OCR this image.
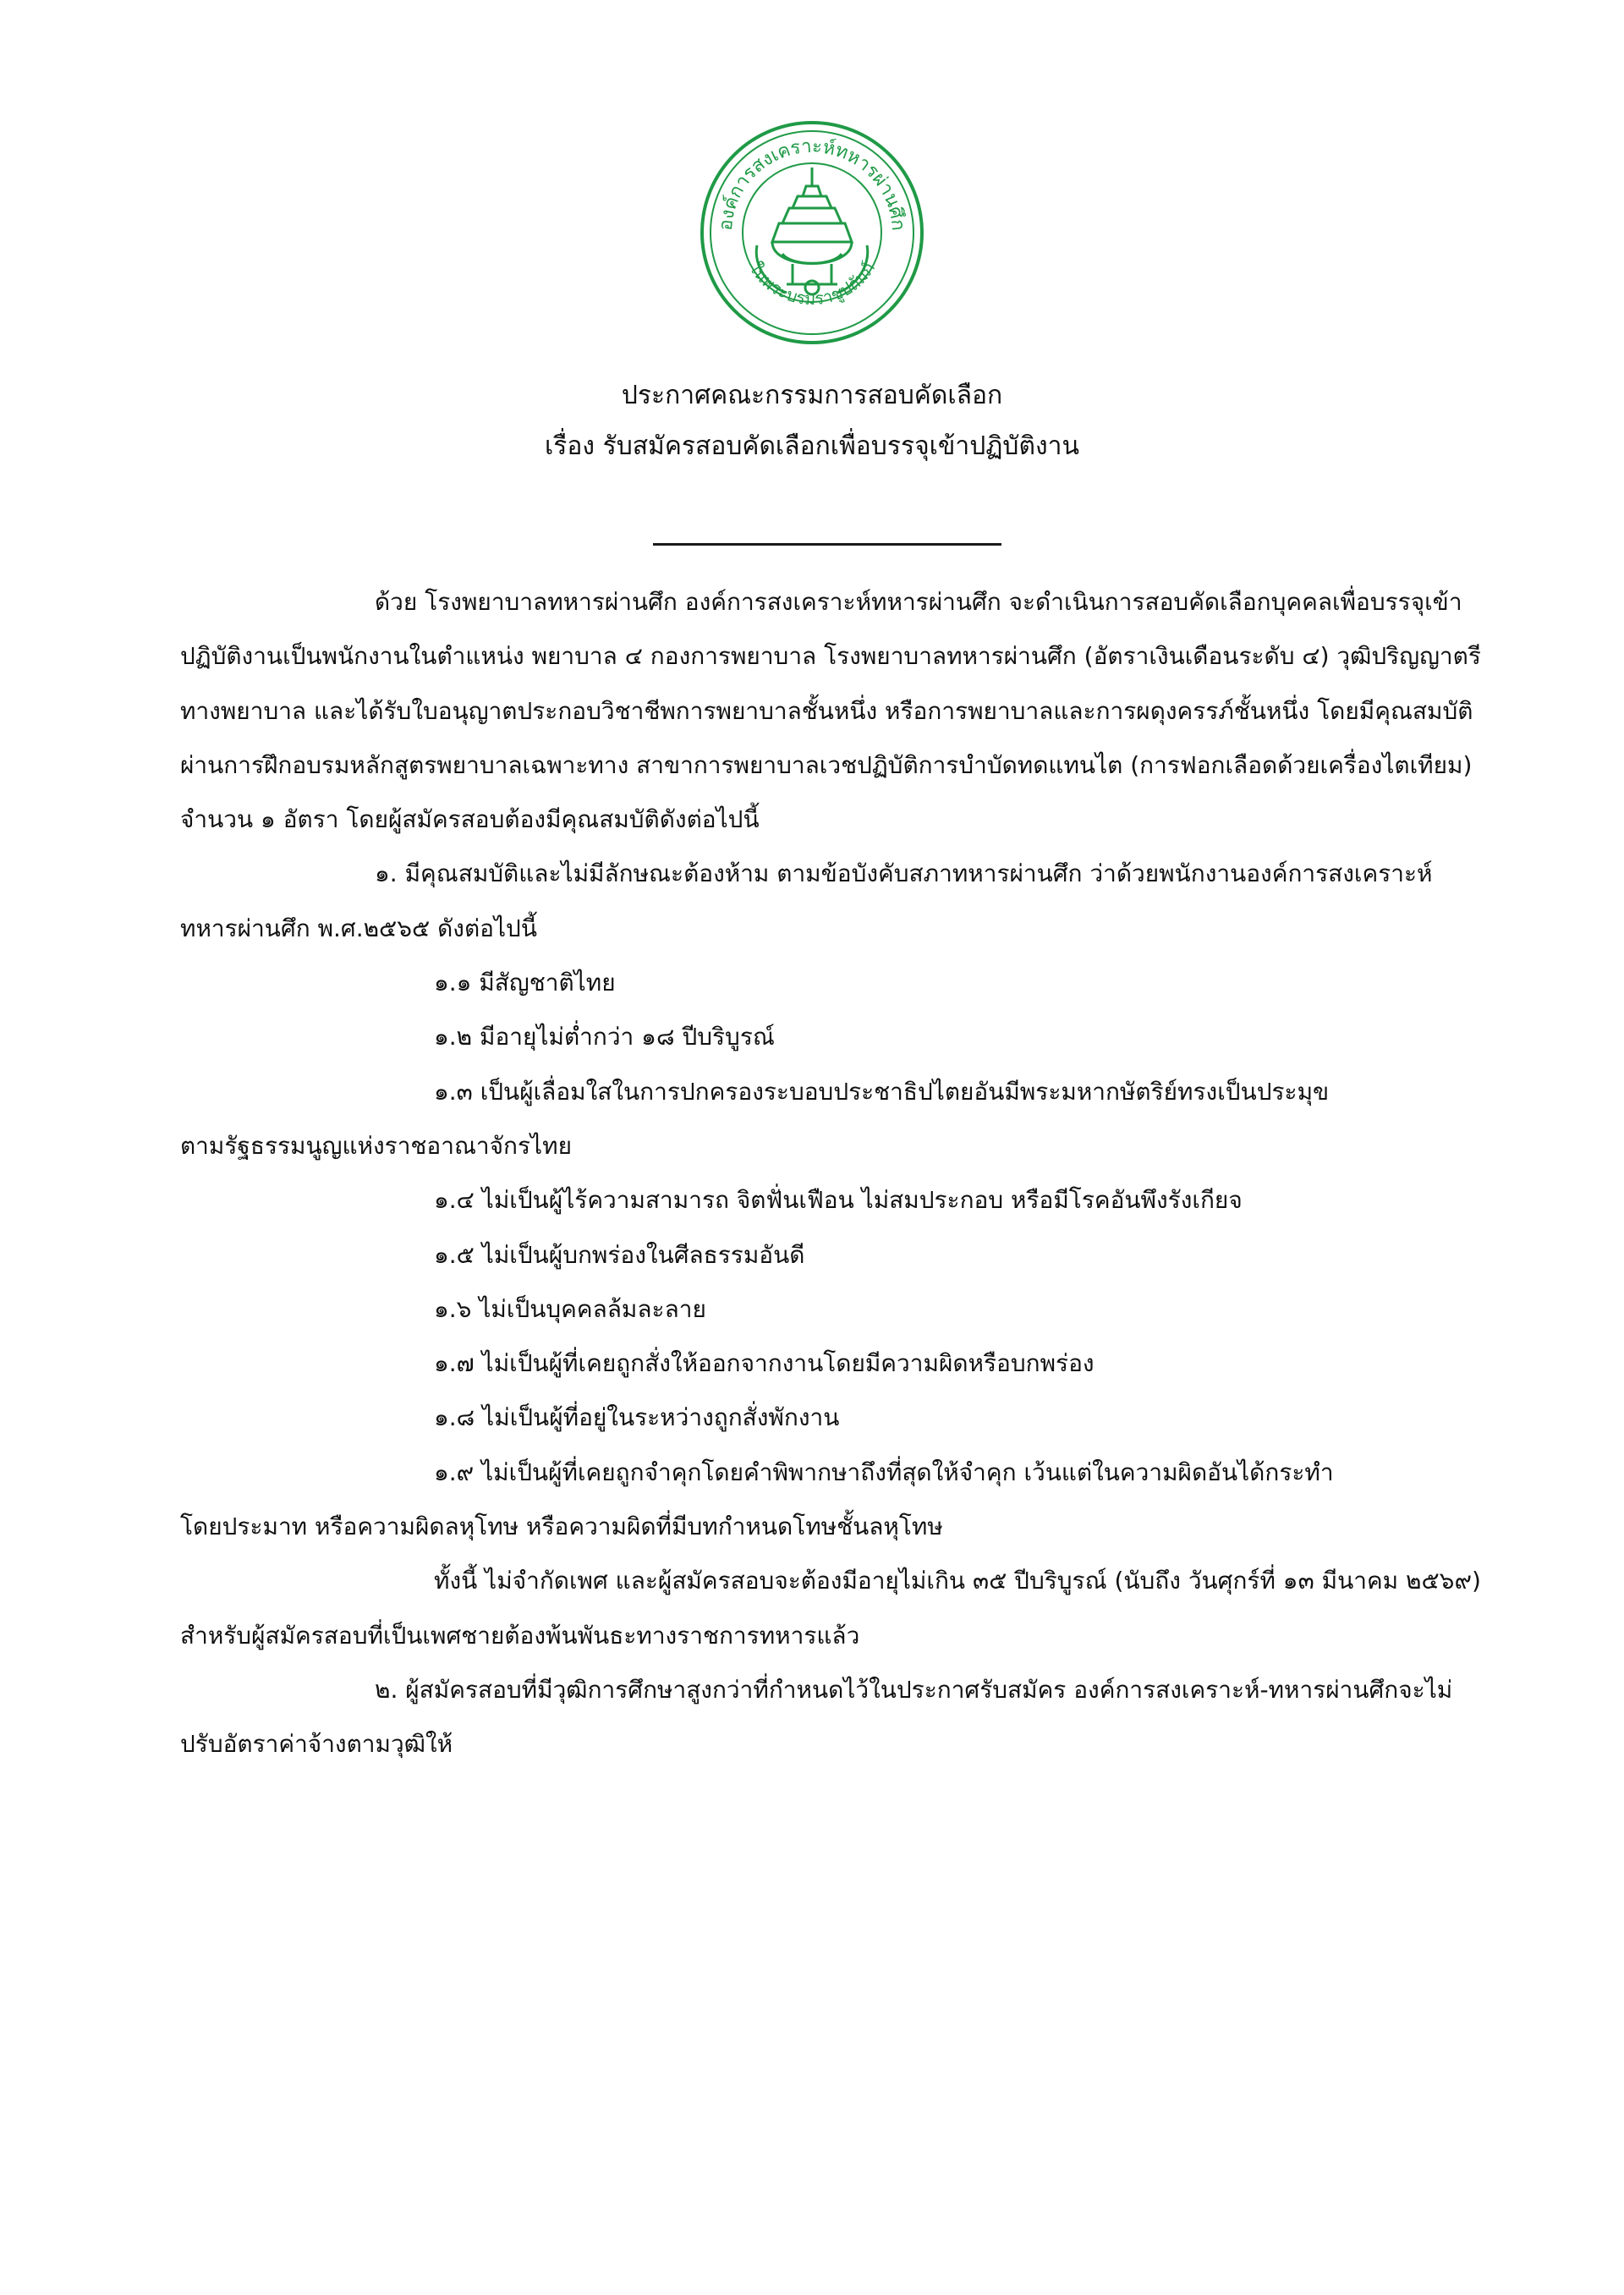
องค์การสงเคราะห์ทหารผ่านศึก
ในพระบรมราชูปถัมภ์
ประกาศคณะกรรมการสอบคัดเลือก
เรื่อง รับสมัครสอบคัดเลือกเพื่อบรรจุเข้าปฏิบัติงาน

ด้วย โรงพยาบาลทหารผ่านศึก องค์การสงเคราะห์ทหารผ่านศึก จะดำเนินการสอบคัดเลือกบุคคลเพื่อบรรจุเข้าปฏิบัติงานเป็นพนักงานในตำแหน่ง พยาบาล ๔ กองการพยาบาล โรงพยาบาลทหารผ่านศึก (อัตราเงินเดือนระดับ ๔) วุฒิปริญญาตรีทางพยาบาล และได้รับใบอนุญาตประกอบวิชาชีพการพยาบาลชั้นหนึ่ง หรือการพยาบาลและการผดุงครรภ์ชั้นหนึ่ง โดยมีคุณสมบัติผ่านการฝึกอบรมหลักสูตรพยาบาลเฉพาะทาง สาขาการพยาบาลเวชปฏิบัติการบำบัดทดแทนไต (การฟอกเลือดด้วยเครื่องไตเทียม) จำนวน ๑ อัตรา โดยผู้สมัครสอบต้องมีคุณสมบัติดังต่อไปนี้

๑. มีคุณสมบัติและไม่มีลักษณะต้องห้าม ตามข้อบังคับสภาทหารผ่านศึก ว่าด้วยพนักงานองค์การสงเคราะห์ทหารผ่านศึก พ.ศ.๒๕๖๕ ดังต่อไปนี้

๑.๑ มีสัญชาติไทย

๑.๒ มีอายุไม่ต่ำกว่า ๑๘ ปีบริบูรณ์

๑.๓ เป็นผู้เลื่อมใสในการปกครองระบอบประชาธิปไตยอันมีพระมหากษัตริย์ทรงเป็นประมุข

ตามรัฐธรรมนูญแห่งราชอาณาจักรไทย

๑.๔ ไม่เป็นผู้ไร้ความสามารถ จิตฟั่นเฟือน ไม่สมประกอบ หรือมีโรคอันพึงรังเกียจ

๑.๕ ไม่เป็นผู้บกพร่องในศีลธรรมอันดี

๑.๖ ไม่เป็นบุคคลล้มละลาย

๑.๗ ไม่เป็นผู้ที่เคยถูกสั่งให้ออกจากงานโดยมีความผิดหรือบกพร่อง

๑.๘ ไม่เป็นผู้ที่อยู่ในระหว่างถูกสั่งพักงาน

๑.๙ ไม่เป็นผู้ที่เคยถูกจำคุกโดยคำพิพากษาถึงที่สุดให้จำคุก เว้นแต่ในความผิดอันได้กระทำ

โดยประมาท หรือความผิดลหุโทษ หรือความผิดที่มีบทกำหนดโทษชั้นลหุโทษ

ทั้งนี้ ไม่จำกัดเพศ และผู้สมัครสอบจะต้องมีอายุไม่เกิน ๓๕ ปีบริบูรณ์ (นับถึง วันศุกร์ที่ ๑๓ มีนาคม ๒๕๖๙) สำหรับผู้สมัครสอบที่เป็นเพศชายต้องพ้นพันธะทางราชการทหารแล้ว

๒. ผู้สมัครสอบที่มีวุฒิการศึกษาสูงกว่าที่กำหนดไว้ในประกาศรับสมัคร องค์การสงเคราะห์-ทหารผ่านศึกจะไม่ปรับอัตราค่าจ้างตามวุฒิให้
